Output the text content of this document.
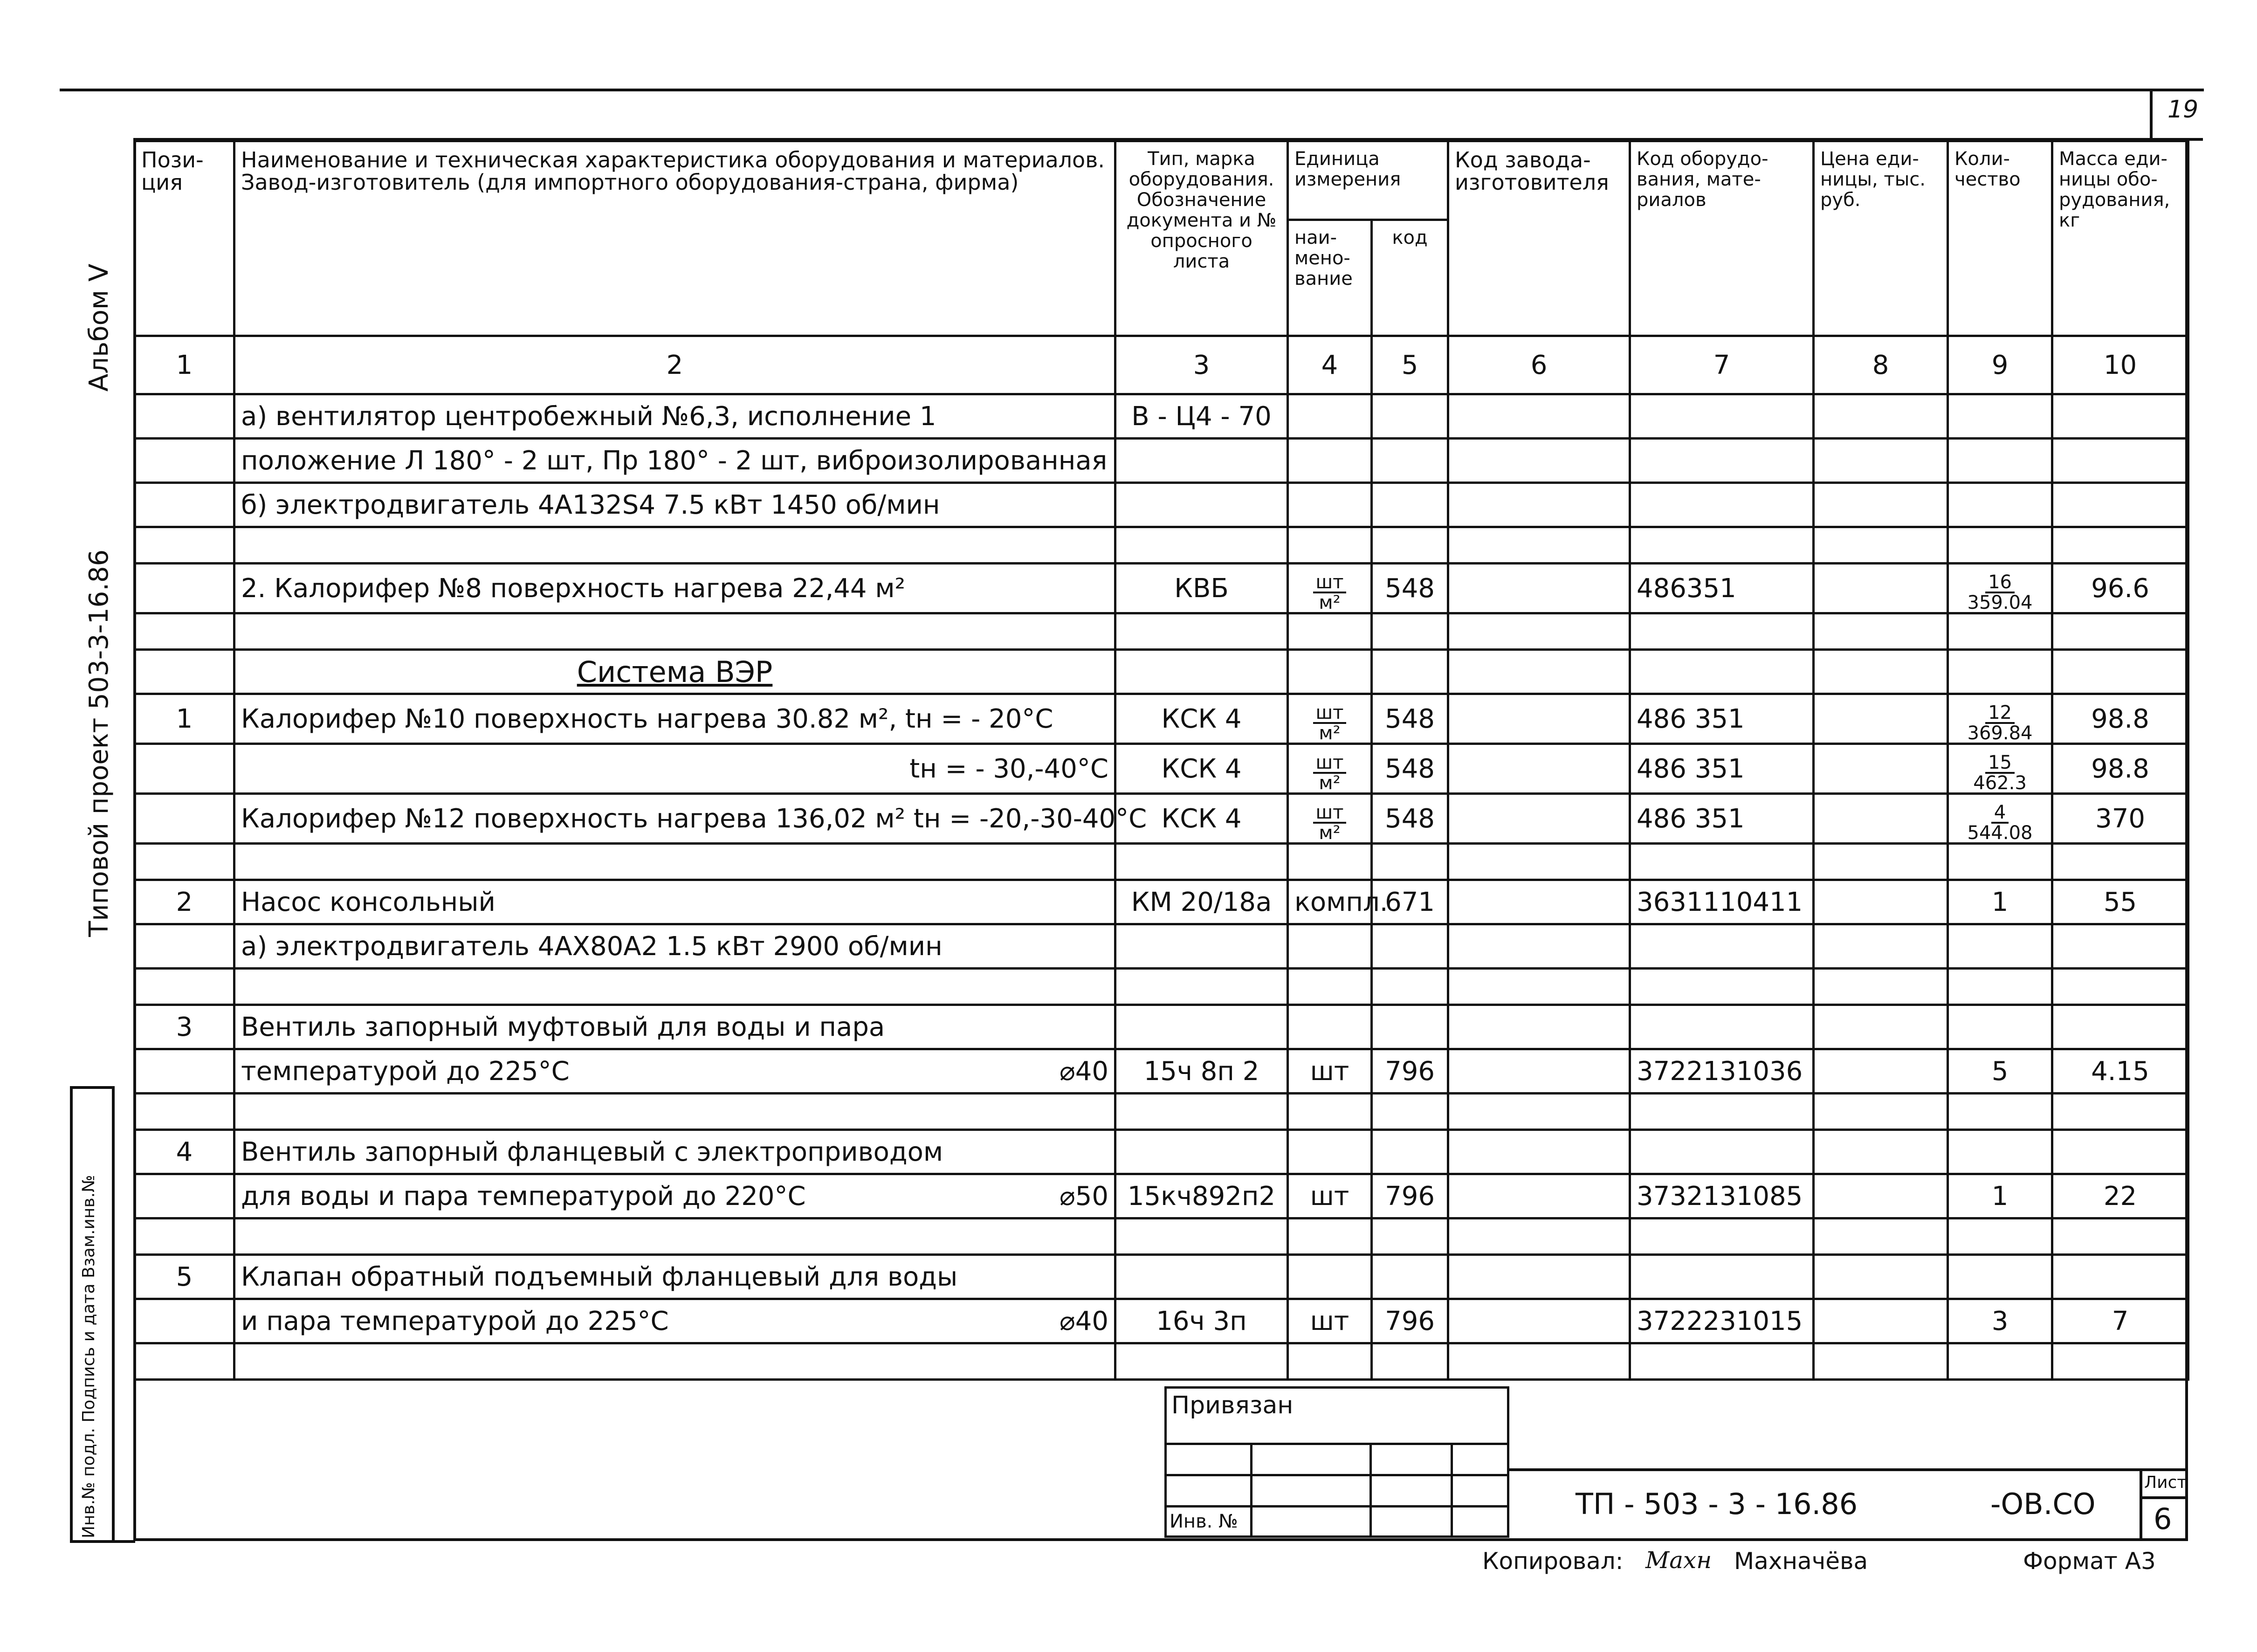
19
Альбом Ⅴ
Типовой проект 503-3-16.86
Инв.№ подл. Подпись и дата Взам.инв.№
Пози-ция	Наименование и техническая характеристика оборудования и материалов. Завод-изготовитель (для импортного оборудования-страна, фирма)	Тип, марка оборудования. Обозначение документа и № опросного листа	Единица измерения		Код завода-изготовителя	Код оборудо-вания, мате-риалов	Цена еди-ницы, тыс. руб.	Коли-чество	Масса еди-ницы обо-рудования, кг
			наи-мено-вание	код					
1	2	3	4	5	6	7	8	9	10

	а) вентилятор центробежный №6,3, исполнение 1	В - Ц4 - 70							

	положение Л 180° - 2 шт, Пр 180° - 2 шт, виброизолированная								

	б) электродвигатель 4А132S4 7.5 кВт 1450 об/мин								

	2. Калорифер №8 поверхность нагрева 22,44 м²	КВБ	$\frac{шт}{\text{м²}}$	548		486351		$\frac{16}{359.04}$	96.6

	Система ВЭР								
1	Калорифер №10 поверхность нагрева 30.82 м², tн = - 20°С	КСК 4	$\frac{шт}{\text{м²}}$	548		486 351		$\frac{12}{369.84}$	98.8

	tн = - 30,-40°С	КСК 4	$\frac{шт}{\text{м²}}$	548		486 351		$\frac{15}{462.3}$	98.8

	Калорифер №12 поверхность нагрева 136,02 м² tн = -20,-30-40°С	КСК 4	$\frac{шт}{\text{м²}}$	548		486 351		$\frac{4}{544.08}$	370

2	Насос консольный	КМ 20/18а	компл.	671		3631110411		1	55

	а) электродвигатель 4АХ80А2 1.5 кВт 2900 об/мин								

3	Вентиль запорный муфтовый для воды и пара								

	температурой до 225°С ⌀40	15ч 8п 2	шт	796		3722131036		5	4.15

4	Вентиль запорный фланцевый с электроприводом								

	для воды и пара температурой до 220°С ⌀50	15кч892п2	шт	796		3732131085		1	22

5	Клапан обратный подъемный фланцевый для воды								

	и пара температурой до 225°С ⌀40	16ч 3п	шт	796		3722231015		3	7

Привязан			

Инв. №			
ТП - 503 - 3 - 16.86	-ОВ.СО
Лист
6
Копировал: Махн Махначёва	Формат А3
